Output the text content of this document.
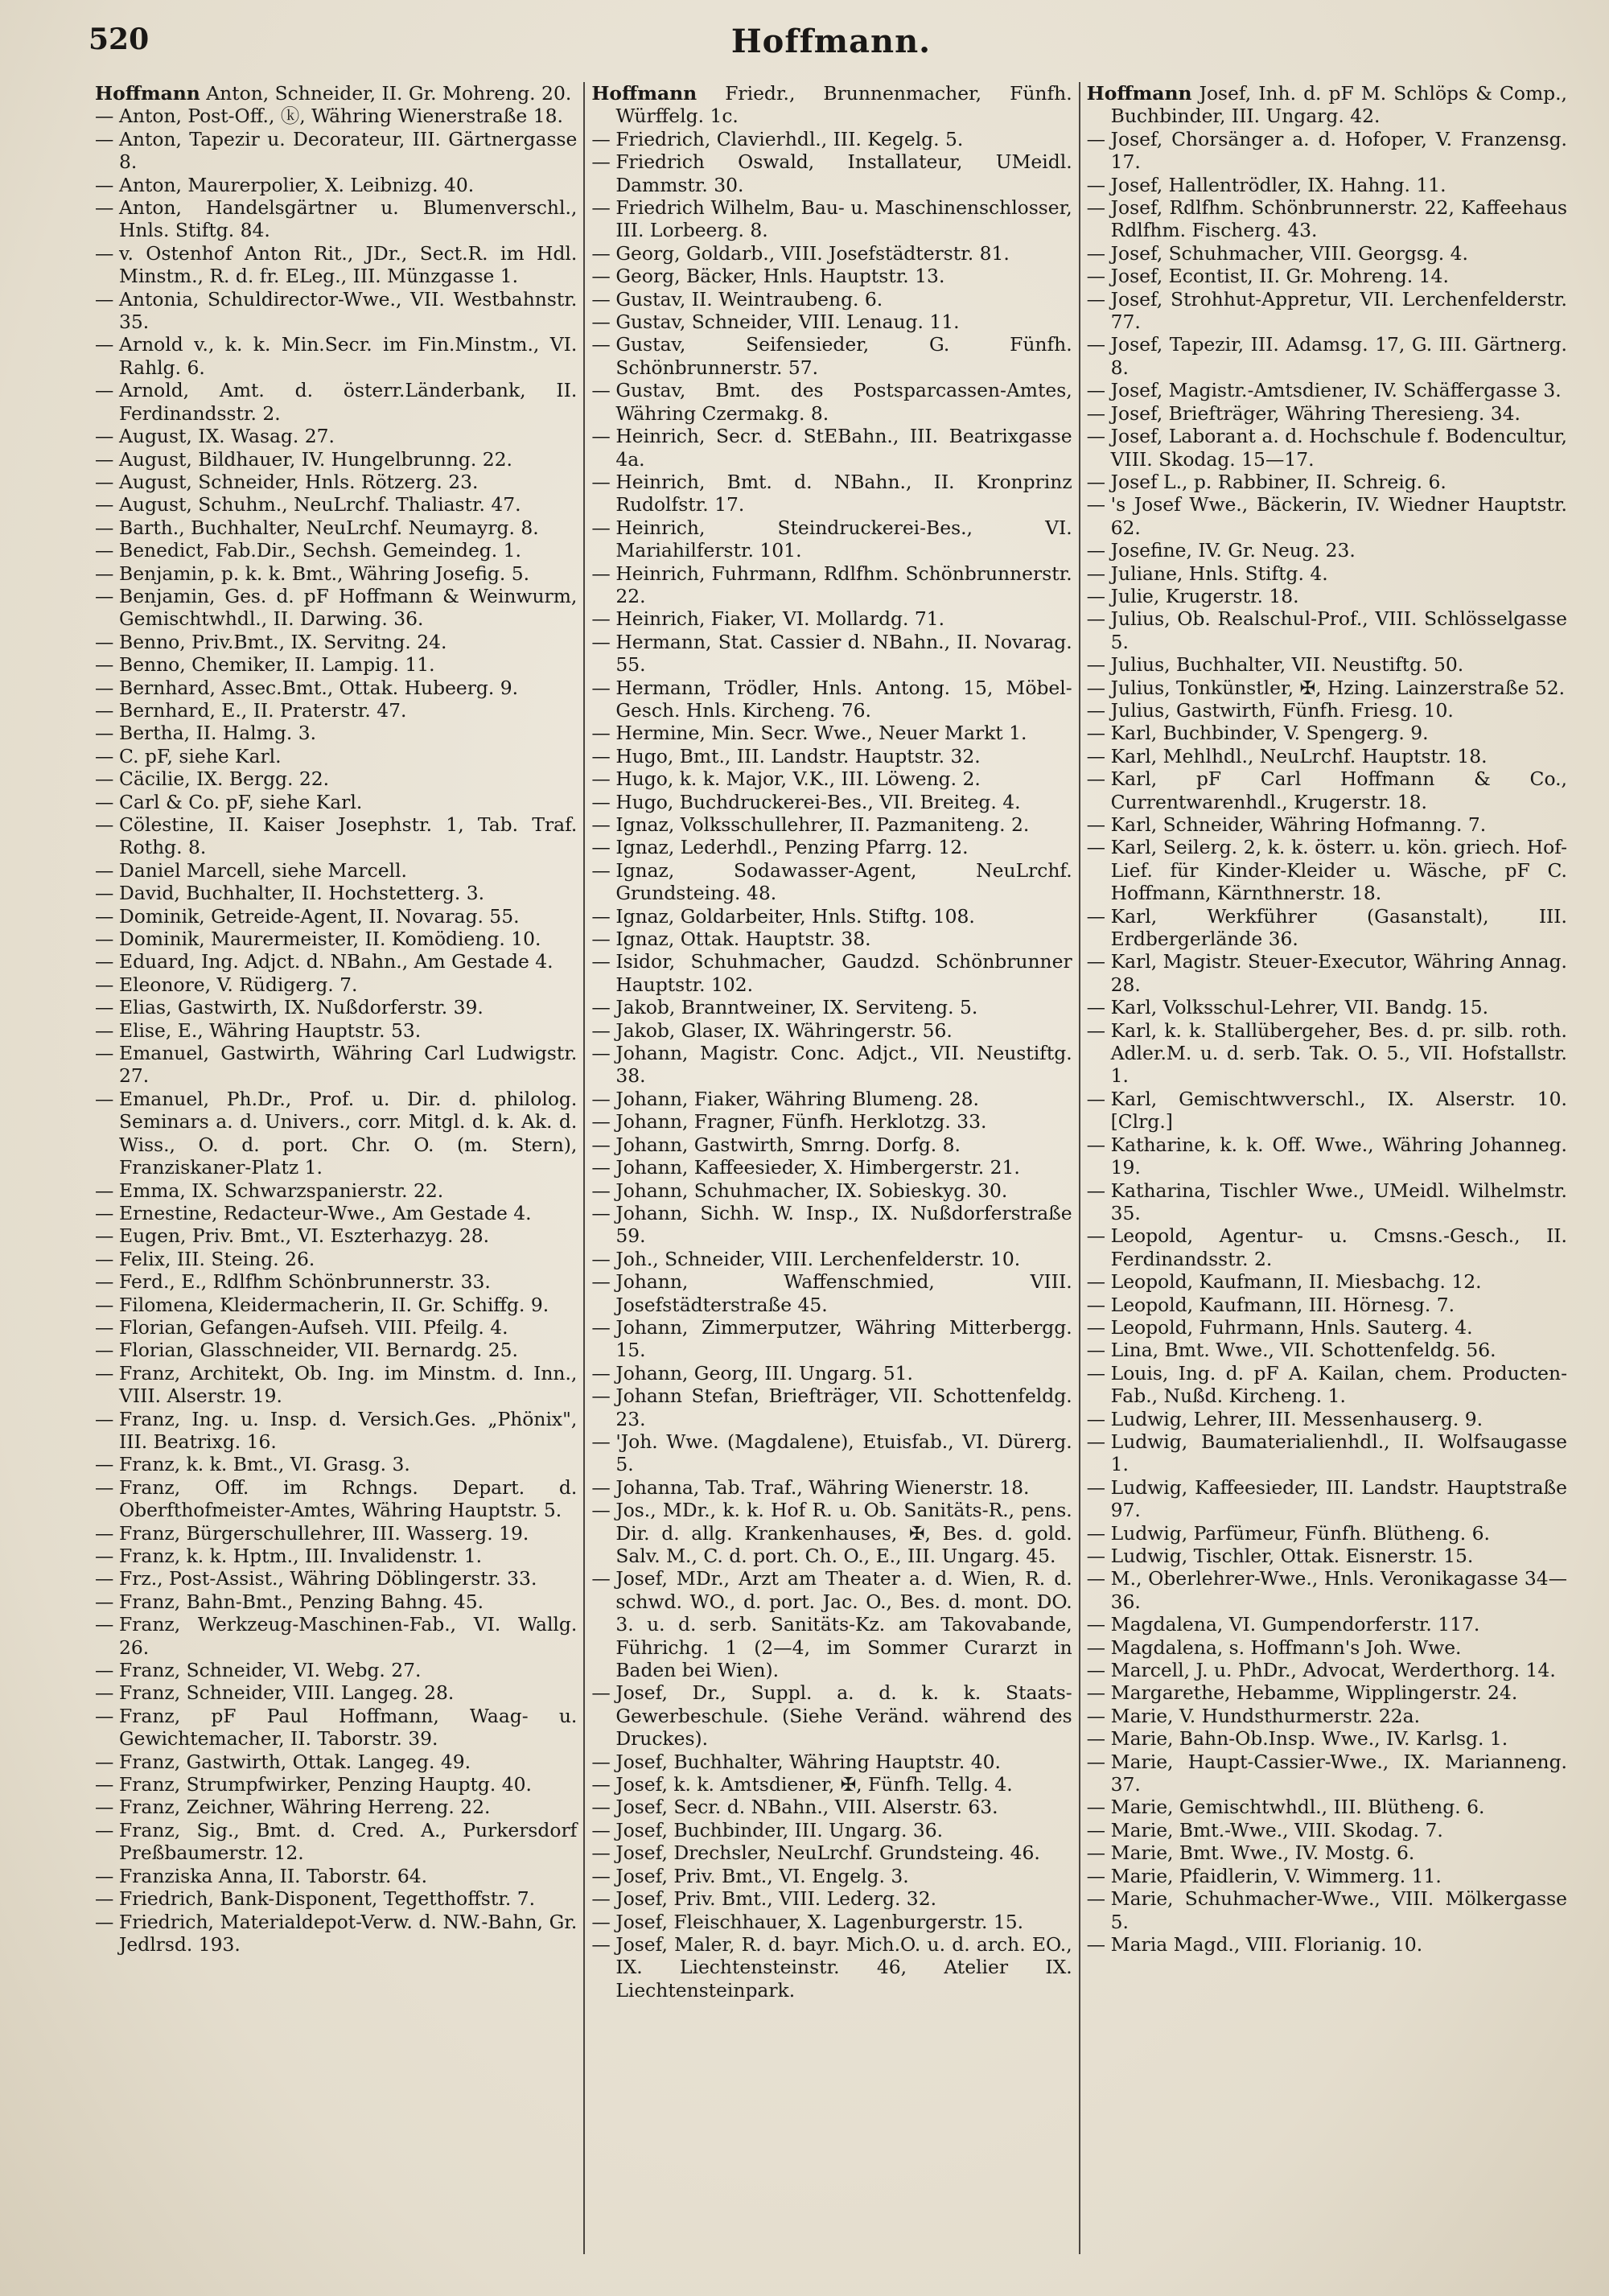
520	Hoffmann.
Hoffmann Anton, Schneider, II. Gr. Mohreng. 20.
— Anton, Post-Off., ⓚ, Währing Wienerstraße 18.
— Anton, Tapezir u. Decorateur, III. Gärtnergasse 8.
— Anton, Maurerpolier, X. Leibnizg. 40.
— Anton, Handelsgärtner u. Blumenverschl., Hnls. Stiftg. 84.
— v. Ostenhof Anton Rit., JDr., Sect.R. im Hdl. Minstm., R. d. fr. ELeg., III. Münzgasse 1.
— Antonia, Schuldirector-Wwe., VII. Westbahnstr. 35.
— Arnold v., k. k. Min.Secr. im Fin.Minstm., VI. Rahlg. 6.
— Arnold, Amt. d. österr.Länderbank, II. Ferdinandsstr. 2.
— August, IX. Wasag. 27.
— August, Bildhauer, IV. Hungelbrunng. 22.
— August, Schneider, Hnls. Rötzerg. 23.
— August, Schuhm., NeuLrchf. Thaliastr. 47.
— Barth., Buchhalter, NeuLrchf. Neumayrg. 8.
— Benedict, Fab.Dir., Sechsh. Gemeindeg. 1.
— Benjamin, p. k. k. Bmt., Währing Josefig. 5.
— Benjamin, Ges. d. pF Hoffmann & Weinwurm, Gemischtwhdl., II. Darwing. 36.
— Benno, Priv.Bmt., IX. Servitng. 24.
— Benno, Chemiker, II. Lampig. 11.
— Bernhard, Assec.Bmt., Ottak. Hubeerg. 9.
— Bernhard, E., II. Praterstr. 47.
— Bertha, II. Halmg. 3.
— C. pF, siehe Karl.
— Cäcilie, IX. Bergg. 22.
— Carl & Co. pF, siehe Karl.
— Cölestine, II. Kaiser Josephstr. 1, Tab. Traf. Rothg. 8.
— Daniel Marcell, siehe Marcell.
— David, Buchhalter, II. Hochstetterg. 3.
— Dominik, Getreide-Agent, II. Novarag. 55.
— Dominik, Maurermeister, II. Komödieng. 10.
— Eduard, Ing. Adjct. d. NBahn., Am Gestade 4.
— Eleonore, V. Rüdigerg. 7.
— Elias, Gastwirth, IX. Nußdorferstr. 39.
— Elise, E., Währing Hauptstr. 53.
— Emanuel, Gastwirth, Währing Carl Ludwigstr. 27.
— Emanuel, Ph.Dr., Prof. u. Dir. d. philolog. Seminars a. d. Univers., corr. Mitgl. d. k. Ak. d. Wiss., O. d. port. Chr. O. (m. Stern), Franziskaner-Platz 1.
— Emma, IX. Schwarzspanierstr. 22.
— Ernestine, Redacteur-Wwe., Am Gestade 4.
— Eugen, Priv. Bmt., VI. Eszterhazyg. 28.
— Felix, III. Steing. 26.
— Ferd., E., Rdlfhm Schönbrunnerstr. 33.
— Filomena, Kleidermacherin, II. Gr. Schiffg. 9.
— Florian, Gefangen-Aufseh. VIII. Pfeilg. 4.
— Florian, Glasschneider, VII. Bernardg. 25.
— Franz, Architekt, Ob. Ing. im Minstm. d. Inn., VIII. Alserstr. 19.
— Franz, Ing. u. Insp. d. Versich.Ges. „Phönix", III. Beatrixg. 16.
— Franz, k. k. Bmt., VI. Grasg. 3.
— Franz, Off. im Rchngs. Depart. d. Oberfthofmeister-Amtes, Währing Hauptstr. 5.
— Franz, Bürgerschullehrer, III. Wasserg. 19.
— Franz, k. k. Hptm., III. Invalidenstr. 1.
— Frz., Post-Assist., Währing Döblingerstr. 33.
— Franz, Bahn-Bmt., Penzing Bahng. 45.
— Franz, Werkzeug-Maschinen-Fab., VI. Wallg. 26.
— Franz, Schneider, VI. Webg. 27.
— Franz, Schneider, VIII. Langeg. 28.
— Franz, pF Paul Hoffmann, Waag- u. Gewichtemacher, II. Taborstr. 39.
— Franz, Gastwirth, Ottak. Langeg. 49.
— Franz, Strumpfwirker, Penzing Hauptg. 40.
— Franz, Zeichner, Währing Herreng. 22.
— Franz, Sig., Bmt. d. Cred. A., Purkersdorf Preßbaumerstr. 12.
— Franziska Anna, II. Taborstr. 64.
— Friedrich, Bank-Disponent, Tegetthoffstr. 7.
— Friedrich, Materialdepot-Verw. d. NW.-Bahn, Gr. Jedlrsd. 193.
Hoffmann Friedr., Brunnenmacher, Fünfh. Würffelg. 1c.
— Friedrich, Clavierhdl., III. Kegelg. 5.
— Friedrich Oswald, Installateur, UMeidl. Dammstr. 30.
— Friedrich Wilhelm, Bau- u. Maschinenschlosser, III. Lorbeerg. 8.
— Georg, Goldarb., VIII. Josefstädterstr. 81.
— Georg, Bäcker, Hnls. Hauptstr. 13.
— Gustav, II. Weintraubeng. 6.
— Gustav, Schneider, VIII. Lenaug. 11.
— Gustav, Seifensieder, G. Fünfh. Schönbrunnerstr. 57.
— Gustav, Bmt. des Postsparcassen-Amtes, Währing Czermakg. 8.
— Heinrich, Secr. d. StEBahn., III. Beatrixgasse 4a.
— Heinrich, Bmt. d. NBahn., II. Kronprinz Rudolfstr. 17.
— Heinrich, Steindruckerei-Bes., VI. Mariahilferstr. 101.
— Heinrich, Fuhrmann, Rdlfhm. Schönbrunnerstr. 22.
— Heinrich, Fiaker, VI. Mollardg. 71.
— Hermann, Stat. Cassier d. NBahn., II. Novarag. 55.
— Hermann, Trödler, Hnls. Antong. 15, Möbel-Gesch. Hnls. Kircheng. 76.
— Hermine, Min. Secr. Wwe., Neuer Markt 1.
— Hugo, Bmt., III. Landstr. Hauptstr. 32.
— Hugo, k. k. Major, V.K., III. Löweng. 2.
— Hugo, Buchdruckerei-Bes., VII. Breiteg. 4.
— Ignaz, Volksschullehrer, II. Pazmaniteng. 2.
— Ignaz, Lederhdl., Penzing Pfarrg. 12.
— Ignaz, Sodawasser-Agent, NeuLrchf. Grundsteing. 48.
— Ignaz, Goldarbeiter, Hnls. Stiftg. 108.
— Ignaz, Ottak. Hauptstr. 38.
— Isidor, Schuhmacher, Gaudzd. Schönbrunner Hauptstr. 102.
— Jakob, Branntweiner, IX. Serviteng. 5.
— Jakob, Glaser, IX. Währingerstr. 56.
— Johann, Magistr. Conc. Adjct., VII. Neustiftg. 38.
— Johann, Fiaker, Währing Blumeng. 28.
— Johann, Fragner, Fünfh. Herklotzg. 33.
— Johann, Gastwirth, Smrng. Dorfg. 8.
— Johann, Kaffeesieder, X. Himbergerstr. 21.
— Johann, Schuhmacher, IX. Sobieskyg. 30.
— Johann, Sichh. W. Insp., IX. Nußdorferstraße 59.
— Joh., Schneider, VIII. Lerchenfelderstr. 10.
— Johann, Waffenschmied, VIII. Josefstädterstraße 45.
— Johann, Zimmerputzer, Währing Mitterbergg. 15.
— Johann, Georg, III. Ungarg. 51.
— Johann Stefan, Briefträger, VII. Schottenfeldg. 23.
— 'Joh. Wwe. (Magdalene), Etuisfab., VI. Dürerg. 5.
— Johanna, Tab. Traf., Währing Wienerstr. 18.
— Jos., MDr., k. k. Hof R. u. Ob. Sanitäts-R., pens. Dir. d. allg. Krankenhauses, ✠, Bes. d. gold. Salv. M., C. d. port. Ch. O., E., III. Ungarg. 45.
— Josef, MDr., Arzt am Theater a. d. Wien, R. d. schwd. WO., d. port. Jac. O., Bes. d. mont. DO. 3. u. d. serb. Sanitäts-Kz. am Takovabande, Führichg. 1 (2—4, im Sommer Curarzt in Baden bei Wien).
— Josef, Dr., Suppl. a. d. k. k. Staats-Gewerbeschule. (Siehe Veränd. während des Druckes).
— Josef, Buchhalter, Währing Hauptstr. 40.
— Josef, k. k. Amtsdiener, ✠, Fünfh. Tellg. 4.
— Josef, Secr. d. NBahn., VIII. Alserstr. 63.
— Josef, Buchbinder, III. Ungarg. 36.
— Josef, Drechsler, NeuLrchf. Grundsteing. 46.
— Josef, Priv. Bmt., VI. Engelg. 3.
— Josef, Priv. Bmt., VIII. Lederg. 32.
— Josef, Fleischhauer, X. Lagenburgerstr. 15.
— Josef, Maler, R. d. bayr. Mich.O. u. d. arch. EO., IX. Liechtensteinstr. 46, Atelier IX. Liechtensteinpark.
Hoffmann Josef, Inh. d. pF M. Schlöps & Comp., Buchbinder, III. Ungarg. 42.
— Josef, Chorsänger a. d. Hofoper, V. Franzensg. 17.
— Josef, Hallentrödler, IX. Hahng. 11.
— Josef, Rdlfhm. Schönbrunnerstr. 22, Kaffeehaus Rdlfhm. Fischerg. 43.
— Josef, Schuhmacher, VIII. Georgsg. 4.
— Josef, Econtist, II. Gr. Mohreng. 14.
— Josef, Strohhut-Appretur, VII. Lerchenfelderstr. 77.
— Josef, Tapezir, III. Adamsg. 17, G. III. Gärtnerg. 8.
— Josef, Magistr.-Amtsdiener, IV. Schäffergasse 3.
— Josef, Briefträger, Währing Theresieng. 34.
— Josef, Laborant a. d. Hochschule f. Bodencultur, VIII. Skodag. 15—17.
— Josef L., p. Rabbiner, II. Schreig. 6.
— 's Josef Wwe., Bäckerin, IV. Wiedner Hauptstr. 62.
— Josefine, IV. Gr. Neug. 23.
— Juliane, Hnls. Stiftg. 4.
— Julie, Krugerstr. 18.
— Julius, Ob. Realschul-Prof., VIII. Schlösselgasse 5.
— Julius, Buchhalter, VII. Neustiftg. 50.
— Julius, Tonkünstler, ✠, Hzing. Lainzerstraße 52.
— Julius, Gastwirth, Fünfh. Friesg. 10.
— Karl, Buchbinder, V. Spengerg. 9.
— Karl, Mehlhdl., NeuLrchf. Hauptstr. 18.
— Karl, pF Carl Hoffmann & Co., Currentwarenhdl., Krugerstr. 18.
— Karl, Schneider, Währing Hofmanng. 7.
— Karl, Seilerg. 2, k. k. österr. u. kön. griech. Hof-Lief. für Kinder-Kleider u. Wäsche, pF C. Hoffmann, Kärnthnerstr. 18.
— Karl, Werkführer (Gasanstalt), III. Erdbergerlände 36.
— Karl, Magistr. Steuer-Executor, Währing Annag. 28.
— Karl, Volksschul-Lehrer, VII. Bandg. 15.
— Karl, k. k. Stallübergeher, Bes. d. pr. silb. roth. Adler.M. u. d. serb. Tak. O. 5., VII. Hofstallstr. 1.
— Karl, Gemischtwverschl., IX. Alserstr. 10. [Clrg.]
— Katharine, k. k. Off. Wwe., Währing Johanneg. 19.
— Katharina, Tischler Wwe., UMeidl. Wilhelmstr. 35.
— Leopold, Agentur- u. Cmsns.-Gesch., II. Ferdinandsstr. 2.
— Leopold, Kaufmann, II. Miesbachg. 12.
— Leopold, Kaufmann, III. Hörnesg. 7.
— Leopold, Fuhrmann, Hnls. Sauterg. 4.
— Lina, Bmt. Wwe., VII. Schottenfeldg. 56.
— Louis, Ing. d. pF A. Kailan, chem. Producten-Fab., Nußd. Kircheng. 1.
— Ludwig, Lehrer, III. Messenhauserg. 9.
— Ludwig, Baumaterialienhdl., II. Wolfsaugasse 1.
— Ludwig, Kaffeesieder, III. Landstr. Hauptstraße 97.
— Ludwig, Parfümeur, Fünfh. Blütheng. 6.
— Ludwig, Tischler, Ottak. Eisnerstr. 15.
— M., Oberlehrer-Wwe., Hnls. Veronikagasse 34—36.
— Magdalena, VI. Gumpendorferstr. 117.
— Magdalena, s. Hoffmann's Joh. Wwe.
— Marcell, J. u. PhDr., Advocat, Werderthorg. 14.
— Margarethe, Hebamme, Wipplingerstr. 24.
— Marie, V. Hundsthurmerstr. 22a.
— Marie, Bahn-Ob.Insp. Wwe., IV. Karlsg. 1.
— Marie, Haupt-Cassier-Wwe., IX. Marianneng. 37.
— Marie, Gemischtwhdl., III. Blütheng. 6.
— Marie, Bmt.-Wwe., VIII. Skodag. 7.
— Marie, Bmt. Wwe., IV. Mostg. 6.
— Marie, Pfaidlerin, V. Wimmerg. 11.
— Marie, Schuhmacher-Wwe., VIII. Mölkergasse 5.
— Maria Magd., VIII. Florianig. 10.
